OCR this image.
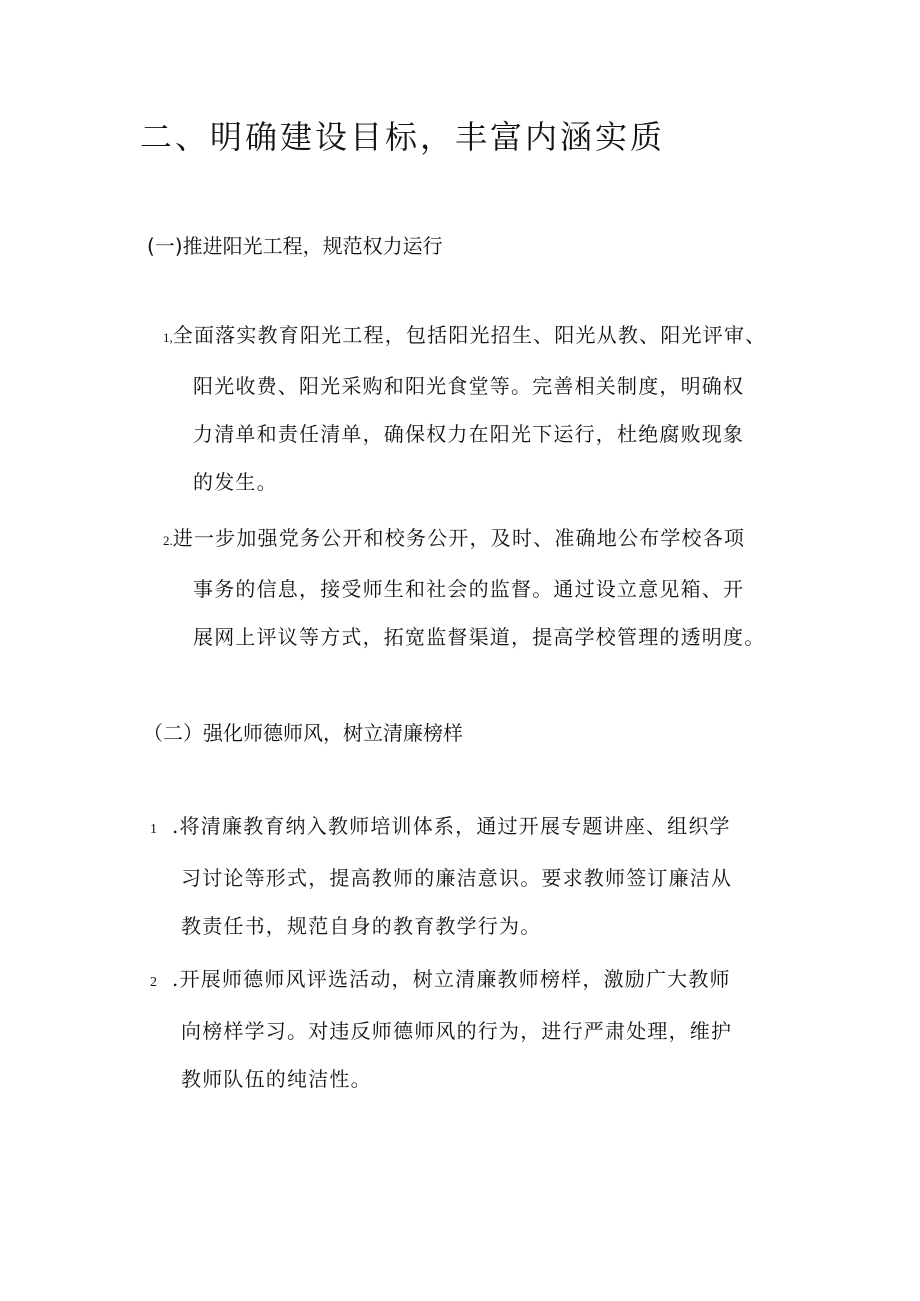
二、明确建设目标，丰富内涵实质
(一)推进阳光工程，规范权力运行
1,全面落实教育阳光工程，包括阳光招生、阳光从教、阳光评审、
阳光收费、阳光采购和阳光食堂等。完善相关制度，明确权
力清单和责任清单，确保权力在阳光下运行，杜绝腐败现象
的发生。
2.进一步加强党务公开和校务公开，及时、准确地公布学校各项
事务的信息，接受师生和社会的监督。通过设立意见箱、开
展网上评议等方式，拓宽监督渠道，提高学校管理的透明度。
（二）强化师德师风，树立清廉榜样
1 .将清廉教育纳入教师培训体系，通过开展专题讲座、组织学
习讨论等形式，提高教师的廉洁意识。要求教师签订廉洁从
教责任书，规范自身的教育教学行为。
2 .开展师德师风评选活动，树立清廉教师榜样，激励广大教师
向榜样学习。对违反师德师风的行为，进行严肃处理，维护
教师队伍的纯洁性。
